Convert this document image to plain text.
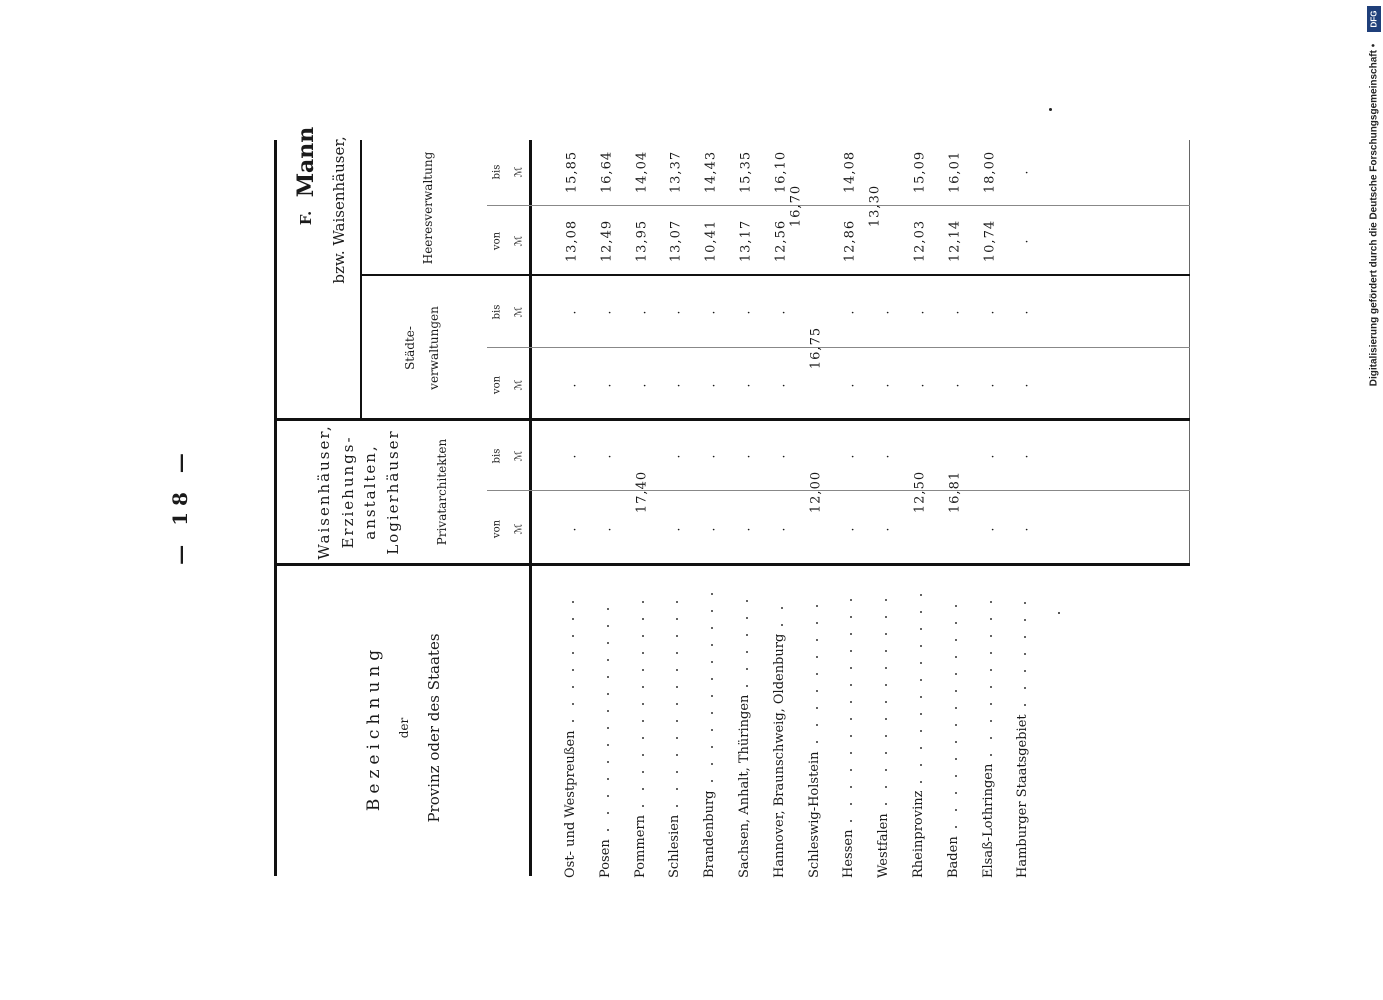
— 18 —
Digitalisierung gefördert durch die Deutsche Forschungsgemeinschaft •
DFG
Bezeichnung der Provinz oder des Staates
Waisenhäuser, Erziehungs- anstalten, Logierhäuser	Privatarchitekten	von
bis
ℳ
ℳ
F.
Mann bzw. Waisenhäuser,
Städte- verwaltungen
Heeresverwaltung
von
bis
ℳ
ℳ
von
bis
ℳ
ℳ
Ost- und Westpreußen
.
.
.
.
13,08
15,85
Posen
.
.
.
.
12,49
16,64
Pommern
17,40
.
.
13,95
14,04
Schlesien
.
.
.
.
13,07
13,37
Brandenburg
.
.
.
.
10,41
14,43
Sachsen, Anhalt, Thüringen
.
.
.
.
13,17
15,35
Hannover, Braunschweig, Oldenburg
.
.
.
.
12,56
16,10
Schleswig-Holstein
12,00
16,75
16,70
Hessen
.
.
.
.
12,86
14,08
Westfalen
.
.
.
.
13,30
Rheinprovinz
12,50
.
.
12,03
15,09
Baden
16,81
.
.
12,14
16,01
Elsaß-Lothringen
.
.
.
.
10,74
18,00
Hamburger Staatsgebiet
.
.
.
.
.
.
